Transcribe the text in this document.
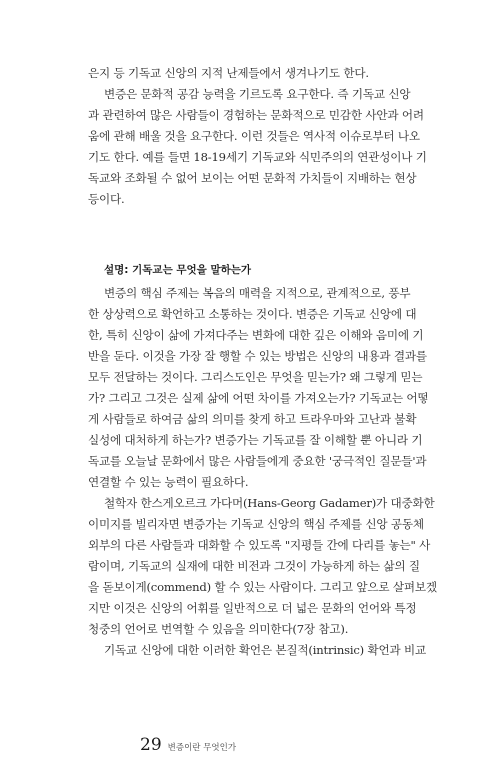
은지 등 기독교 신앙의 지적 난제들에서 생겨나기도 한다.
변증은 문화적 공감 능력을 기르도록 요구한다. 즉 기독교 신앙
과 관련하여 많은 사람들이 경험하는 문화적으로 민감한 사안과 어려
움에 관해 배울 것을 요구한다. 이런 것들은 역사적 이슈로부터 나오
기도 한다. 예를 들면 18-19세기 기독교와 식민주의의 연관성이나 기
독교와 조화될 수 없어 보이는 어떤 문화적 가치들이 지배하는 현상
등이다.
설명: 기독교는 무엇을 말하는가
변증의 핵심 주제는 복음의 매력을 지적으로, 관계적으로, 풍부
한 상상력으로 확언하고 소통하는 것이다. 변증은 기독교 신앙에 대
한, 특히 신앙이 삶에 가져다주는 변화에 대한 깊은 이해와 음미에 기
반을 둔다. 이것을 가장 잘 행할 수 있는 방법은 신앙의 내용과 결과를
모두 전달하는 것이다. 그리스도인은 무엇을 믿는가? 왜 그렇게 믿는
가? 그리고 그것은 실제 삶에 어떤 차이를 가져오는가? 기독교는 어떻
게 사람들로 하여금 삶의 의미를 찾게 하고 트라우마와 고난과 불확
실성에 대처하게 하는가? 변증가는 기독교를 잘 이해할 뿐 아니라 기
독교를 오늘날 문화에서 많은 사람들에게 중요한 '궁극적인 질문들'과
연결할 수 있는 능력이 필요하다.
철학자 한스게오르크 가다머(Hans-Georg Gadamer)가 대중화한
이미지를 빌리자면 변증가는 기독교 신앙의 핵심 주제를 신앙 공동체
외부의 다른 사람들과 대화할 수 있도록 "지평들 간에 다리를 놓는" 사
람이며, 기독교의 실재에 대한 비전과 그것이 가능하게 하는 삶의 질
을 돋보이게(commend) 할 수 있는 사람이다. 그리고 앞으로 살펴보겠
지만 이것은 신앙의 어휘를 일반적으로 더 넓은 문화의 언어와 특정
청중의 언어로 번역할 수 있음을 의미한다(7장 참고).
기독교 신앙에 대한 이러한 확언은 본질적(intrinsic) 확언과 비교
29 변증이란 무엇인가
